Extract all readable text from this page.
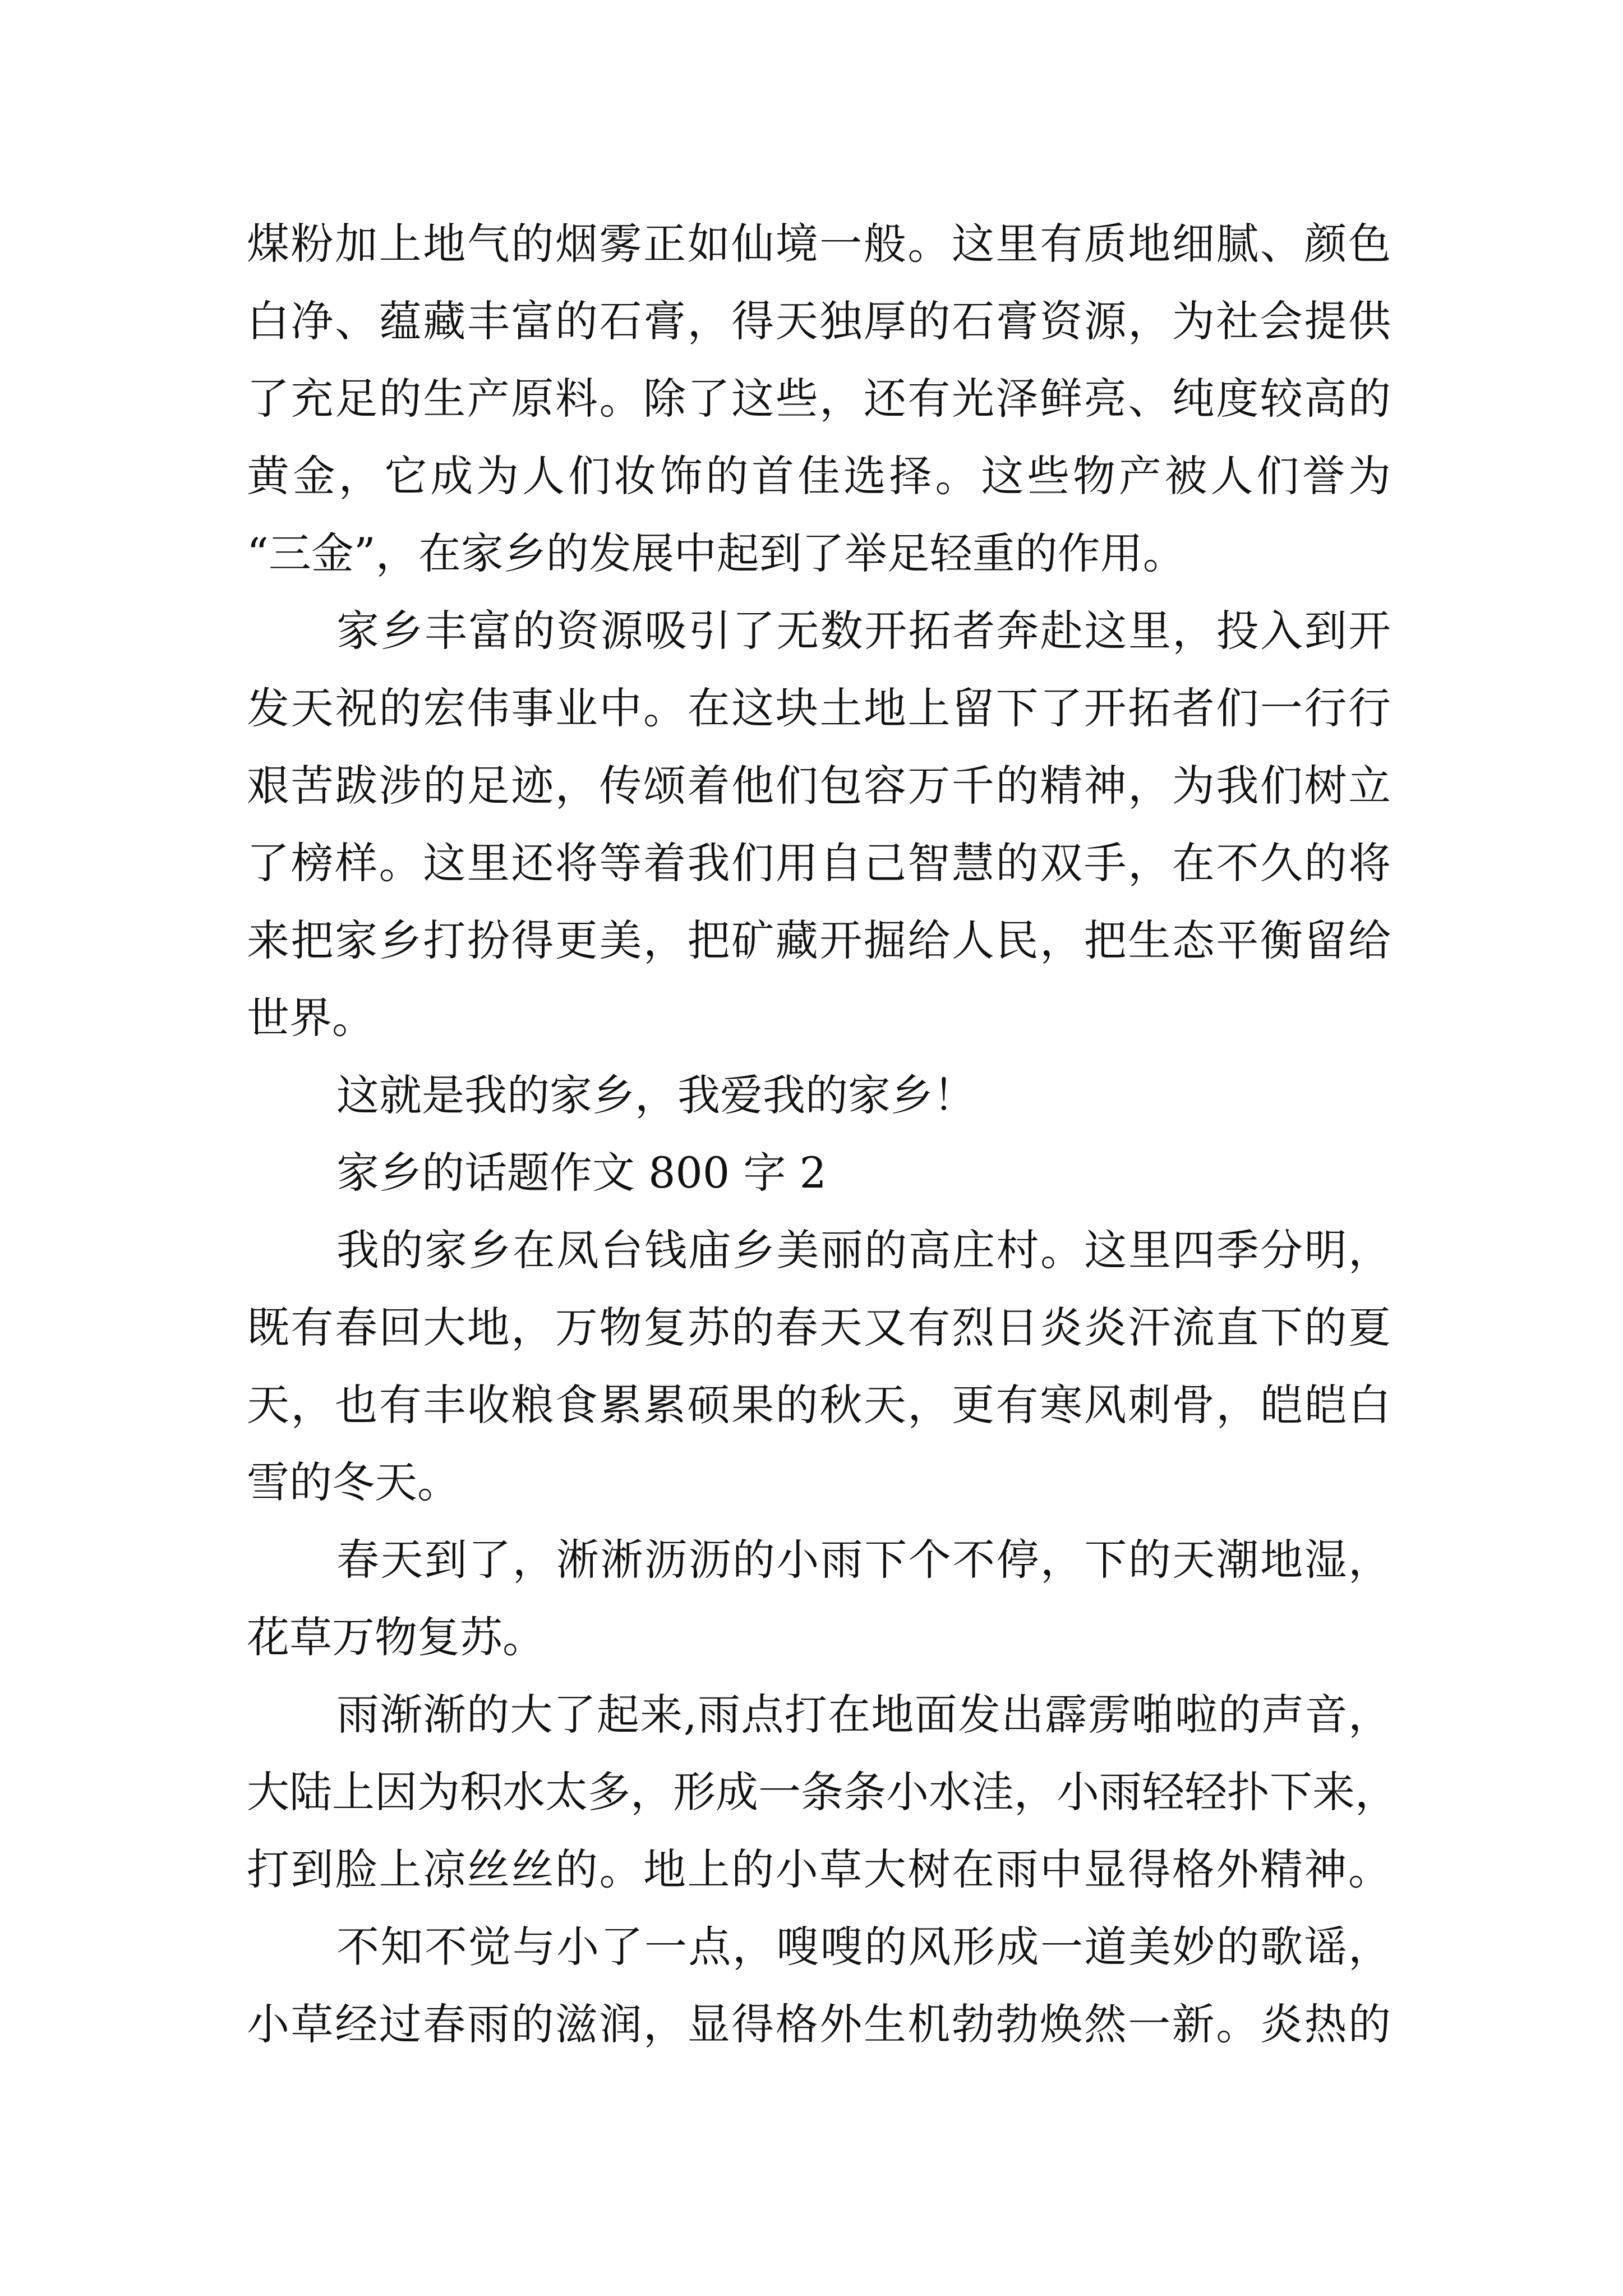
煤粉加上地气的烟雾正如仙境一般。这里有质地细腻、颜色
白净、蕴藏丰富的石膏，得天独厚的石膏资源，为社会提供
了充足的生产原料。除了这些，还有光泽鲜亮、纯度较高的
黄金，它成为人们妆饰的首佳选择。这些物产被人们誉为
“三金”，在家乡的发展中起到了举足轻重的作用。
家乡丰富的资源吸引了无数开拓者奔赴这里，投入到开
发天祝的宏伟事业中。在这块土地上留下了开拓者们一行行
艰苦跋涉的足迹，传颂着他们包容万千的精神，为我们树立
了榜样。这里还将等着我们用自己智慧的双手，在不久的将
来把家乡打扮得更美，把矿藏开掘给人民，把生态平衡留给
世界。
这就是我的家乡，我爱我的家乡！
家乡的话题作文 800 字 2
我的家乡在凤台钱庙乡美丽的高庄村。这里四季分明，
既有春回大地，万物复苏的春天又有烈日炎炎汗流直下的夏
天，也有丰收粮食累累硕果的秋天，更有寒风刺骨，皑皑白
雪的冬天。
春天到了，淅淅沥沥的小雨下个不停，下的天潮地湿，
花草万物复苏。
雨渐渐的大了起来,雨点打在地面发出霹雳啪啦的声音，
大陆上因为积水太多，形成一条条小水洼，小雨轻轻扑下来，
打到脸上凉丝丝的。地上的小草大树在雨中显得格外精神。
不知不觉与小了一点，嗖嗖的风形成一道美妙的歌谣，
小草经过春雨的滋润，显得格外生机勃勃焕然一新。炎热的
